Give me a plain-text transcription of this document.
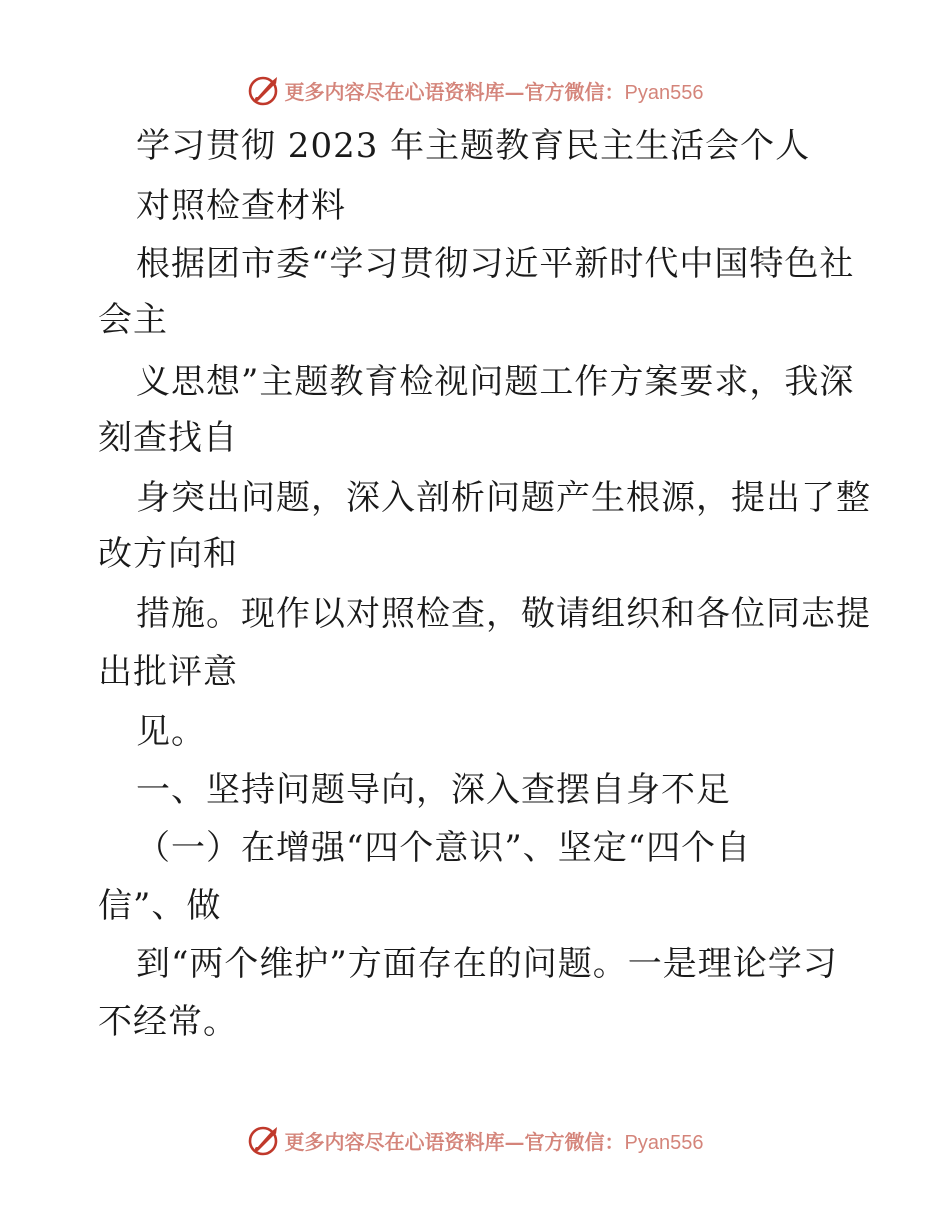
更多内容尽在心语资料库—官方微信：Pyan556
学习贯彻 2023 年主题教育民主生活会个人
对照检查材料
根据团市委“学习贯彻习近平新时代中国特色社
会主
义思想”主题教育检视问题工作方案要求，我深
刻查找自
身突出问题，深入剖析问题产生根源，提出了整
改方向和
措施。现作以对照检查，敬请组织和各位同志提
出批评意
见。
一、坚持问题导向，深入查摆自身不足
（一）在增强“四个意识”、坚定“四个自
信”、做
到“两个维护”方面存在的问题。一是理论学习
不经常。
更多内容尽在心语资料库—官方微信：Pyan556
